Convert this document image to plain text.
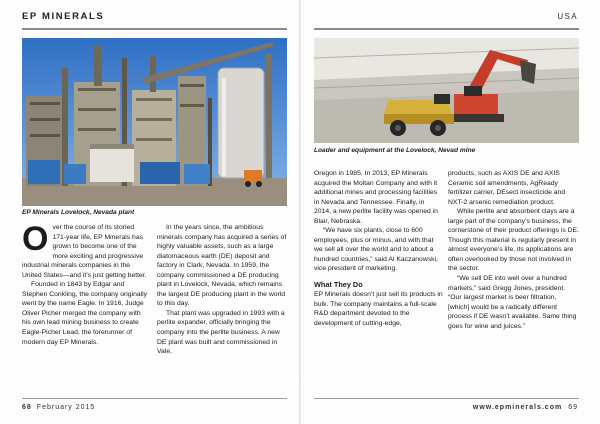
EP MINERALS	USA
EP Minerals Lovelock, Nevada plant
Loader and equipment at the Lovelock, Nevad mine

Over the course of its storied 171-year life, EP Minerals has grown to become one of the more exciting and progressive industrial minerals companies in the United States—and it’s just getting better.

Founded in 1843 by Edgar and Stephen Conkling, the company originally went by the name Eagle. In 1916, Judge Oliver Picher merged the company with his own lead mining business to create Eagle-Picher Lead, the forerunner of modern day EP Minerals.

In the years since, the ambitious minerals company has acquired a series of highly valuable assets, such as a large diatomaceous earth (DE) deposit and factory in Clark, Nevada. In 1959, the company commissioned a DE producing plant in Lovelock, Nevada, which remains the largest DE producing plant in the world to this day.

That plant was upgraded in 1993 with a perlite expander, officially bringing the company into the perlite business. A new DE plant was built and commissioned in Vale,

Oregon in 1985. In 2013, EP Minerals acquired the Moltan Company and with it additional mines and processing facilities in Nevada and Tennessee. Finally, in 2014, a new perlite facility was opened in Blair, Nebraska.

“We have six plants, close to 600 employees, plus or minus, and with that we sell all over the world and to about a hundred countries,” said Al Kaczanowski, vice president of marketing.

What They Do

EP Minerals doesn’t just sell its products in bulk. The company maintains a full-scale R&D department devoted to the development of cutting-edge,

products, such as AXIS DE and AXIS Ceramic soil amendments, AgReady fertilizer carrier, DEsect insecticide and NXT-2 arsenic remediation product.

While perlite and absorbent clays are a large part of the company’s business, the cornerstone of their product offerings is DE. Though this material is regularly present in almost everyone’s life, its applications are often overlooked by those not involved in the sector.

“We sell DE into well over a hundred markets,” said Gregg Jones, president. “Our largest market is beer filtration, [which] would be a radically different process if DE wasn’t available. Same thing goes for wine and juices.”

68 February 2015	www.epminerals.com 69
